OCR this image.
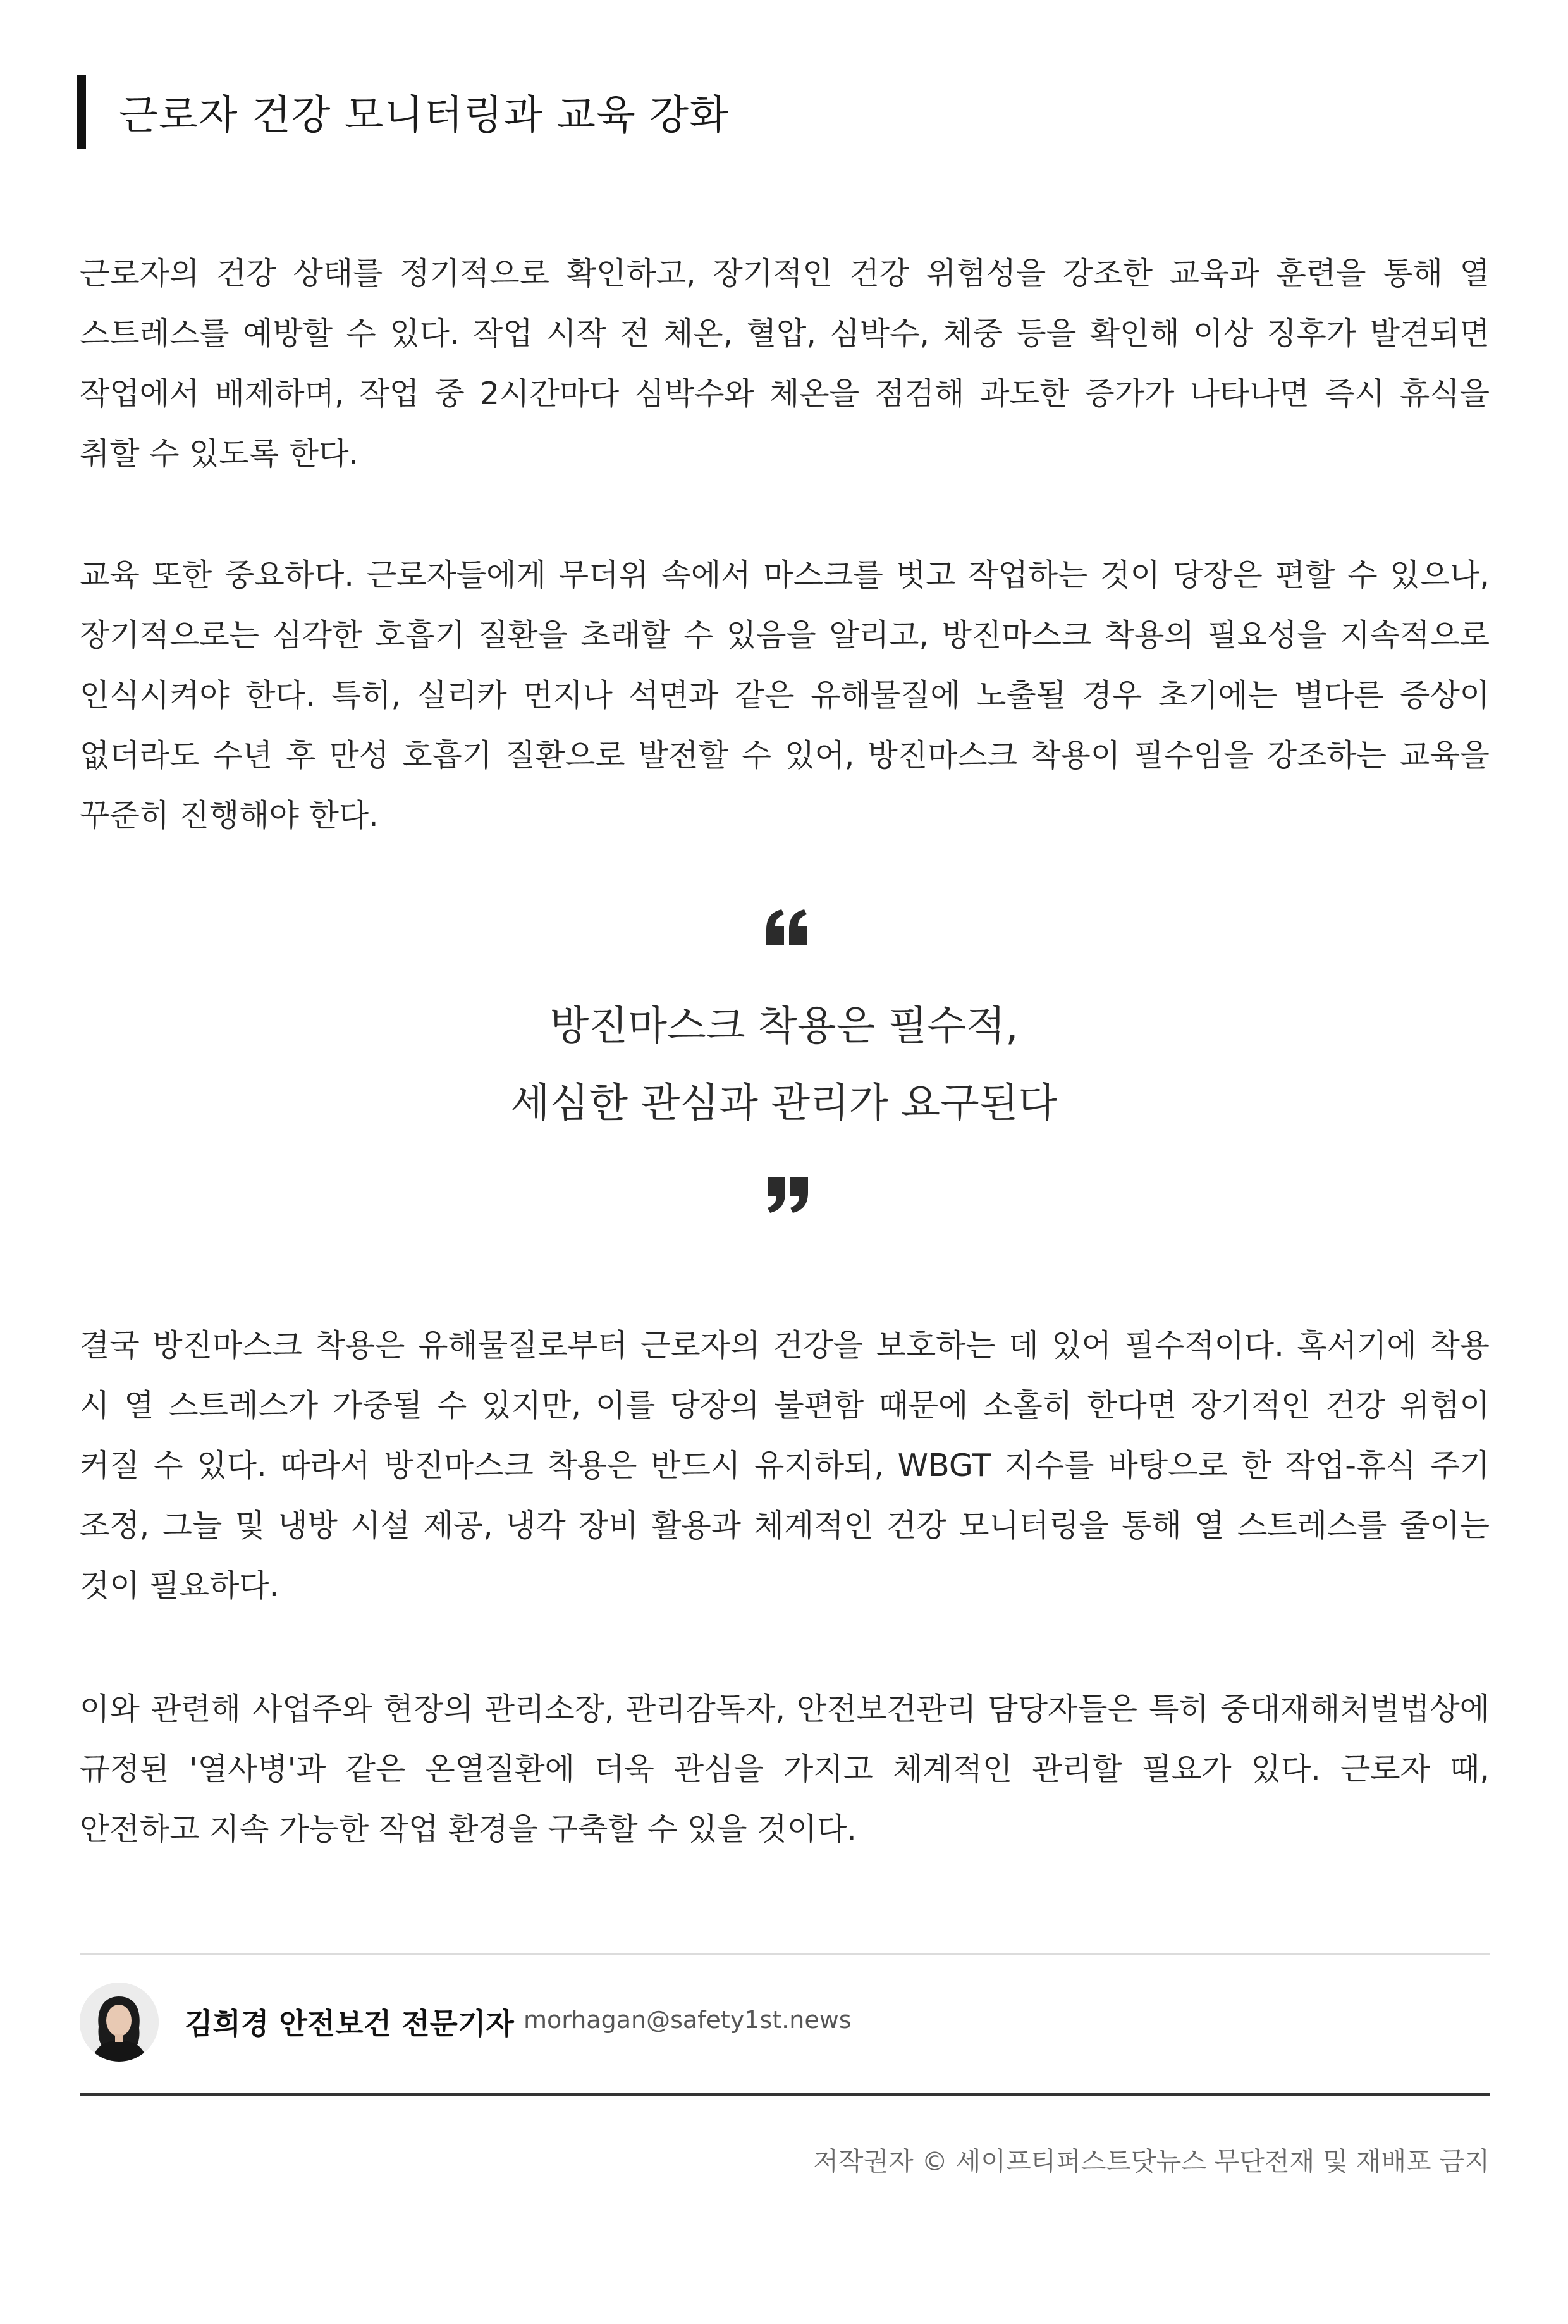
근로자 건강 모니터링과 교육 강화

근로자의 건강 상태를 정기적으로 확인하고, 장기적인 건강 위험성을 강조한 교육과 훈련을 통해 열 스트레스를 예방할 수 있다. 작업 시작 전 체온, 혈압, 심박수, 체중 등을 확인해 이상 징후가 발견되면 작업에서 배제하며, 작업 중 2시간마다 심박수와 체온을 점검해 과도한 증가가 나타나면 즉시 휴식을 취할 수 있도록 한다.

교육 또한 중요하다. 근로자들에게 무더위 속에서 마스크를 벗고 작업하는 것이 당장은 편할 수 있으나, 장기적으로는 심각한 호흡기 질환을 초래할 수 있음을 알리고, 방진마스크 착용의 필요성을 지속적으로 인식시켜야 한다. 특히, 실리카 먼지나 석면과 같은 유해물질에 노출될 경우 초기에는 별다른 증상이 없더라도 수년 후 만성 호흡기 질환으로 발전할 수 있어, 방진마스크 착용이 필수임을 강조하는 교육을 꾸준히 진행해야 한다.

방진마스크 착용은 필수적,
세심한 관심과 관리가 요구된다

결국 방진마스크 착용은 유해물질로부터 근로자의 건강을 보호하는 데 있어 필수적이다. 혹서기에 착용 시 열 스트레스가 가중될 수 있지만, 이를 당장의 불편함 때문에 소홀히 한다면 장기적인 건강 위험이 커질 수 있다. 따라서 방진마스크 착용은 반드시 유지하되, WBGT 지수를 바탕으로 한 작업-휴식 주기 조정, 그늘 및 냉방 시설 제공, 냉각 장비 활용과 체계적인 건강 모니터링을 통해 열 스트레스를 줄이는 것이 필요하다.

이와 관련해 사업주와 현장의 관리소장, 관리감독자, 안전보건관리 담당자들은 특히 중대재해처벌법상에 규정된 '열사병'과 같은 온열질환에 더욱 관심을 가지고 체계적인 관리할 필요가 있다. 근로자 때, 안전하고 지속 가능한 작업 환경을 구축할 수 있을 것이다.

김희경 안전보건 전문기자 morhagan@safety1st.news
저작권자 © 세이프티퍼스트닷뉴스 무단전재 및 재배포 금지
